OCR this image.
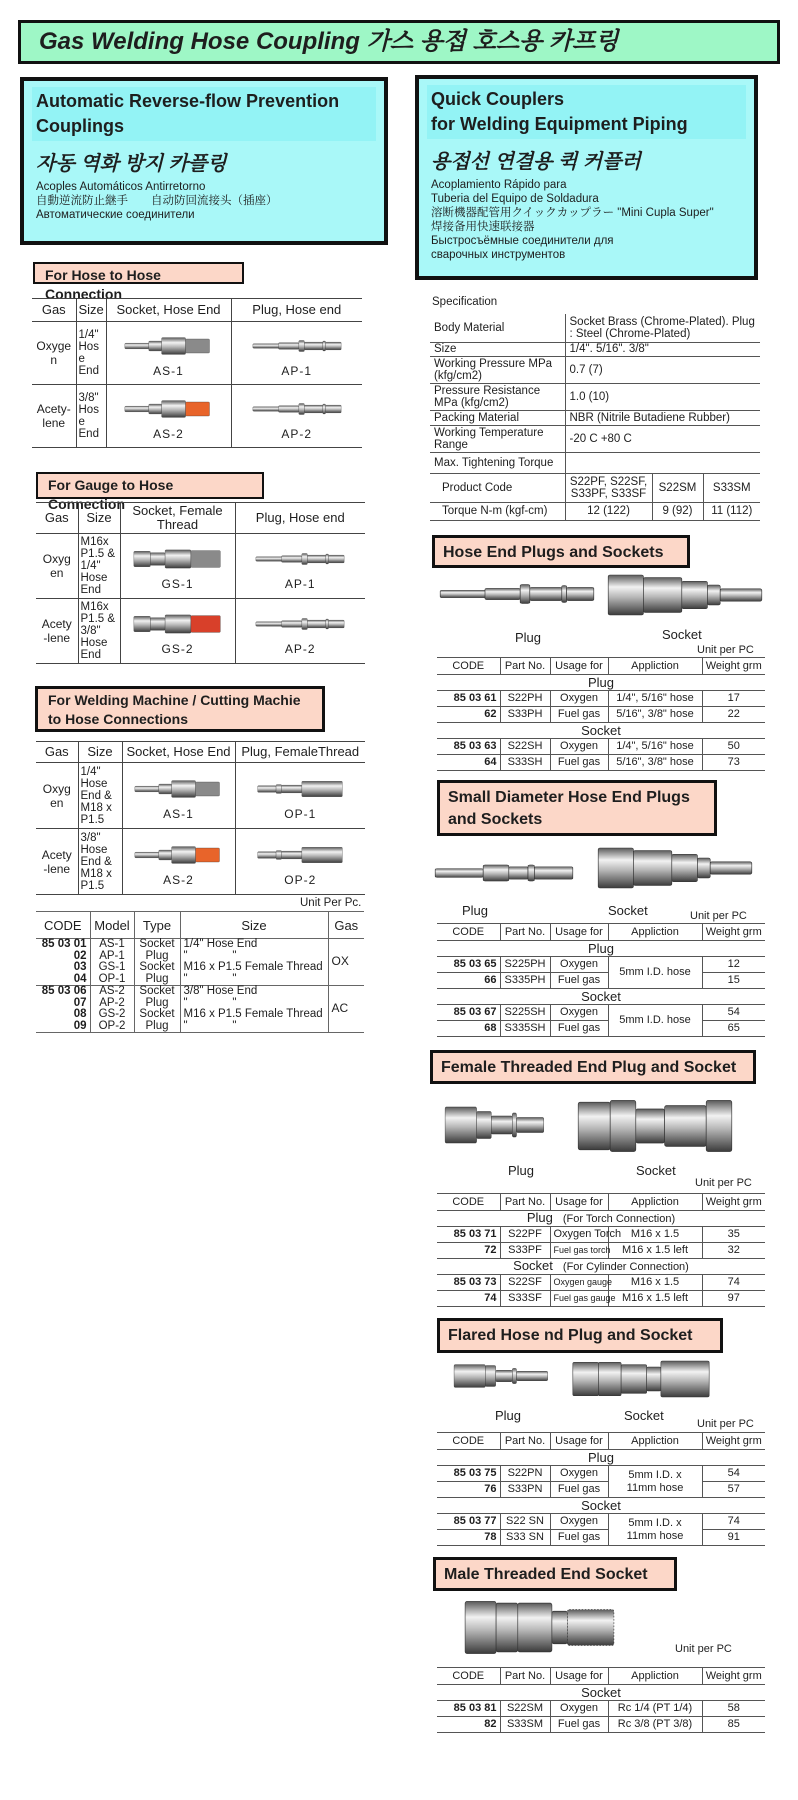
Gas Welding Hose Coupling 가스 용접 호스용 카프링
Automatic Reverse-flow Prevention
Couplings
자동 역화 방지 카플링
Acoples Automáticos Antirretorno
自動逆流防止継手　　自动防回流接头（插座）
Автоматические соединители
Quick Couplers
for Welding Equipment Piping
용접선 연결용 퀵 커플러
Acoplamiento Rápido para
Tuberia del Equipo de Soldadura
溶断機器配管用クイックカップラー "Mini Cupla Super"
焊接备用快速联接器
Быстросъёмные соединители для
сварочных инструментов
For Hose to Hose Connection
Gas	Size	Socket, Hose End	Plug, Hose end
Oxygen	1/4" Hose End	AS-1	AP-1

Acety-lene	3/8" Hose End	AS-2	AP-2
For Gauge to Hose Connection
Gas	Size	Socket, Female Thread	Plug, Hose end
Oxygen	M16x P1.5 & 1/4" Hose End	GS-1	AP-1

Acety-lene	M16x P1.5 & 3/8" Hose End	GS-2	AP-2
For Welding Machine / Cutting Machie to Hose Connections
Gas	Size	Socket, Hose End	Plug, FemaleThread
Oxygen	1/4" Hose End & M18 x P1.5	AS-1	OP-1

Acety-lene	3/8" Hose End & M18 x P1.5	AS-2	OP-2
Unit Per Pc.
CODE	Model	Type	Size	Gas
85 03 01	AS-1	Socket	1/4" Hose End	OX
02	AP-1	Plug	"              "	
03	GS-1	Socket	M16 x P1.5 Female Thread	
04	OP-1	Plug	"              "	
85 03 06	AS-2	Socket	3/8" Hose End	AC
07	AP-2	Plug	"              "	
08	GS-2	Socket	M16 x P1.5 Female Thread	
09	OP-2	Plug	"              "	
Specification
Body Material	Socket Brass (Chrome-Plated). Plug : Steel (Chrome-Plated)		
Size	1/4". 5/16". 3/8"		
Working Pressure MPa (kfg/cm2)	0.7 (7)		
Pressure Resistance MPa (kfg/cm2)	1.0 (10)		
Packing Material	NBR (Nitrile Butadiene Rubber)		
Working Temperature Range	-20 C +80 C		
Max. Tightening Torque			
Product Code	S22PF, S22SF, S33PF, S33SF	S22SM	S33SM
Torque N-m (kgf-cm)	12 (122)	9 (92)	11 (112)
Hose End Plugs and Sockets
Plug	Socket
Unit per PC
CODE	Part No.	Usage for	Appliction	Weight grm
Plug				
85 03 61	S22PH	Oxygen	1/4", 5/16" hose	17
62	S33PH	Fuel gas	5/16", 3/8" hose	22
Socket				
85 03 63	S22SH	Oxygen	1/4", 5/16" hose	50
64	S33SH	Fuel gas	5/16", 3/8" hose	73
Small Diameter Hose End Plugs and Sockets
Plug	Socket	Unit per PC
CODE	Part No.	Usage for	Appliction	Weight grm
Plug				
85 03 65	S225PH	Oxygen	5mm I.D. hose	12
66	S335PH	Fuel gas		15
Socket				
85 03 67	S225SH	Oxygen	5mm I.D. hose	54
68	S335SH	Fuel gas		65
Female Threaded End Plug and Socket
Plug	Socket
Unit per PC
CODE	Part No.	Usage for	Appliction	Weight grm
Plug (For Torch Connection)				
85 03 71	S22PF	Oxygen Torch	M16 x 1.5	35
72	S33PF	Fuel gas torch	M16 x 1.5 left	32
Socket (For Cylinder Connection)				
85 03 73	S22SF	Oxygen gauge	M16 x 1.5	74
74	S33SF	Fuel gas gauge	M16 x 1.5 left	97
Flared Hose nd Plug and Socket
Plug	Socket
Unit per PC
CODE	Part No.	Usage for	Appliction	Weight grm
Plug				
85 03 75	S22PN	Oxygen	5mm I.D. x 11mm hose	54
76	S33PN	Fuel gas		57
Socket				
85 03 77	S22 SN	Oxygen	5mm I.D. x 11mm hose	74
78	S33 SN	Fuel gas		91
Male Threaded End Socket
Unit per PC
CODE	Part No.	Usage for	Appliction	Weight grm
Socket				
85 03 81	S22SM	Oxygen	Rc 1/4 (PT 1/4)	58
82	S33SM	Fuel gas	Rc 3/8 (PT 3/8)	85
